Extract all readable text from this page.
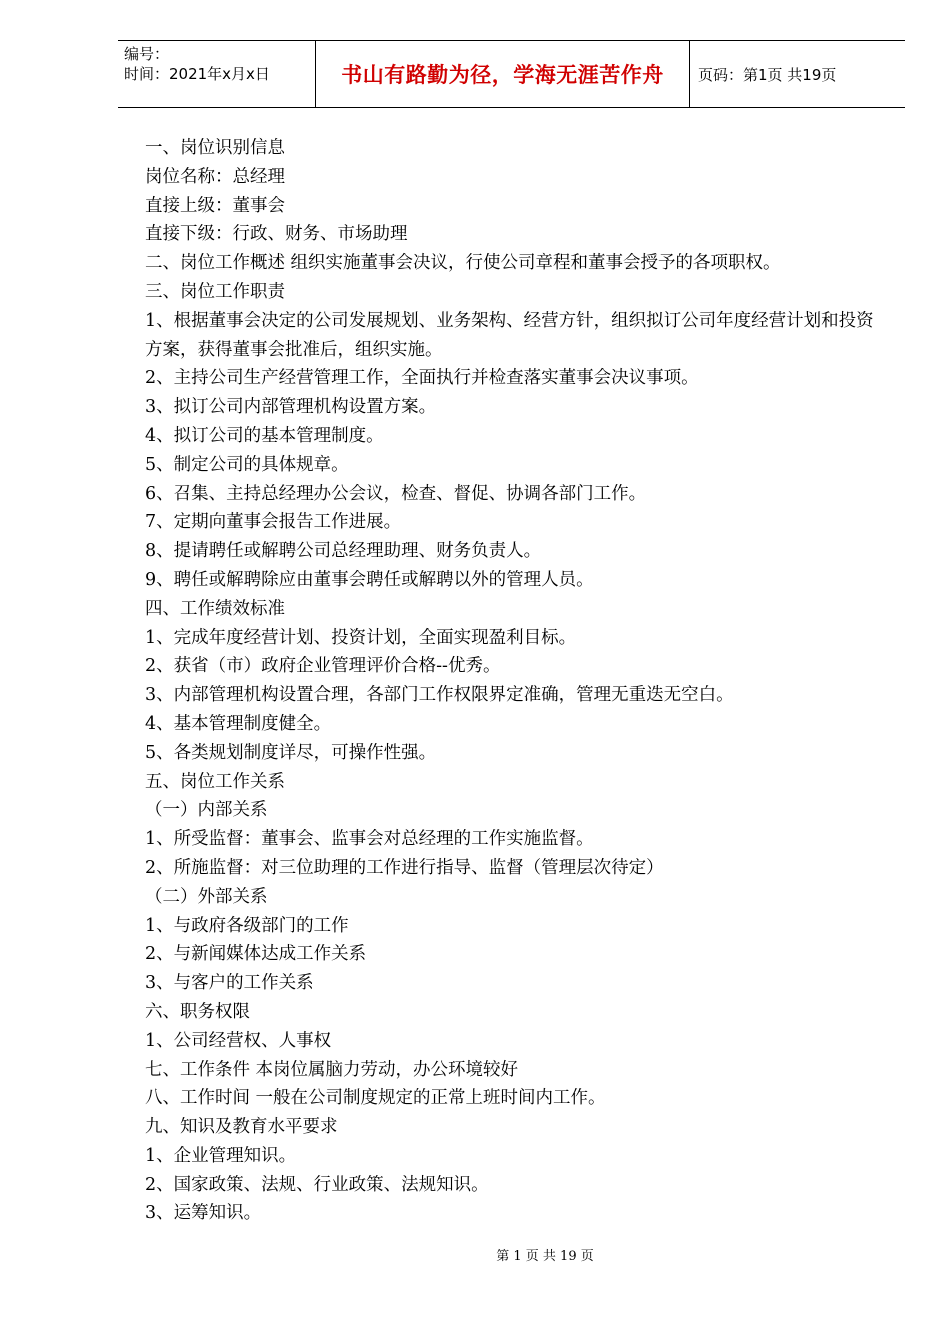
编号：
时间：2021年x月x日	书山有路勤为径，学海无涯苦作舟	页码：第1页 共19页
一、岗位识别信息
岗位名称：总经理
直接上级：董事会
直接下级：行政、财务、市场助理
二、岗位工作概述 组织实施董事会决议，行使公司章程和董事会授予的各项职权。
三、岗位工作职责
1、根据董事会决定的公司发展规划、业务架构、经营方针，组织拟订公司年度经营计划和投资方案，获得董事会批准后，组织实施。
2、主持公司生产经营管理工作，全面执行并检查落实董事会决议事项。
3、拟订公司内部管理机构设置方案。
4、拟订公司的基本管理制度。
5、制定公司的具体规章。
6、召集、主持总经理办公会议，检查、督促、协调各部门工作。
7、定期向董事会报告工作进展。
8、提请聘任或解聘公司总经理助理、财务负责人。
9、聘任或解聘除应由董事会聘任或解聘以外的管理人员。
四、工作绩效标准
1、完成年度经营计划、投资计划，全面实现盈利目标。
2、获省（市）政府企业管理评价合格--优秀。
3、内部管理机构设置合理，各部门工作权限界定准确，管理无重迭无空白。
4、基本管理制度健全。
5、各类规划制度详尽，可操作性强。
五、岗位工作关系
（一）内部关系
1、所受监督：董事会、监事会对总经理的工作实施监督。
2、所施监督：对三位助理的工作进行指导、监督（管理层次待定）
（二）外部关系
1、与政府各级部门的工作
2、与新闻媒体达成工作关系
3、与客户的工作关系
六、职务权限
1、公司经营权、人事权
七、工作条件 本岗位属脑力劳动，办公环境较好
八、工作时间 一般在公司制度规定的正常上班时间内工作。
九、知识及教育水平要求
1、企业管理知识。
2、国家政策、法规、行业政策、法规知识。
3、运筹知识。
第 1 页 共 19 页
